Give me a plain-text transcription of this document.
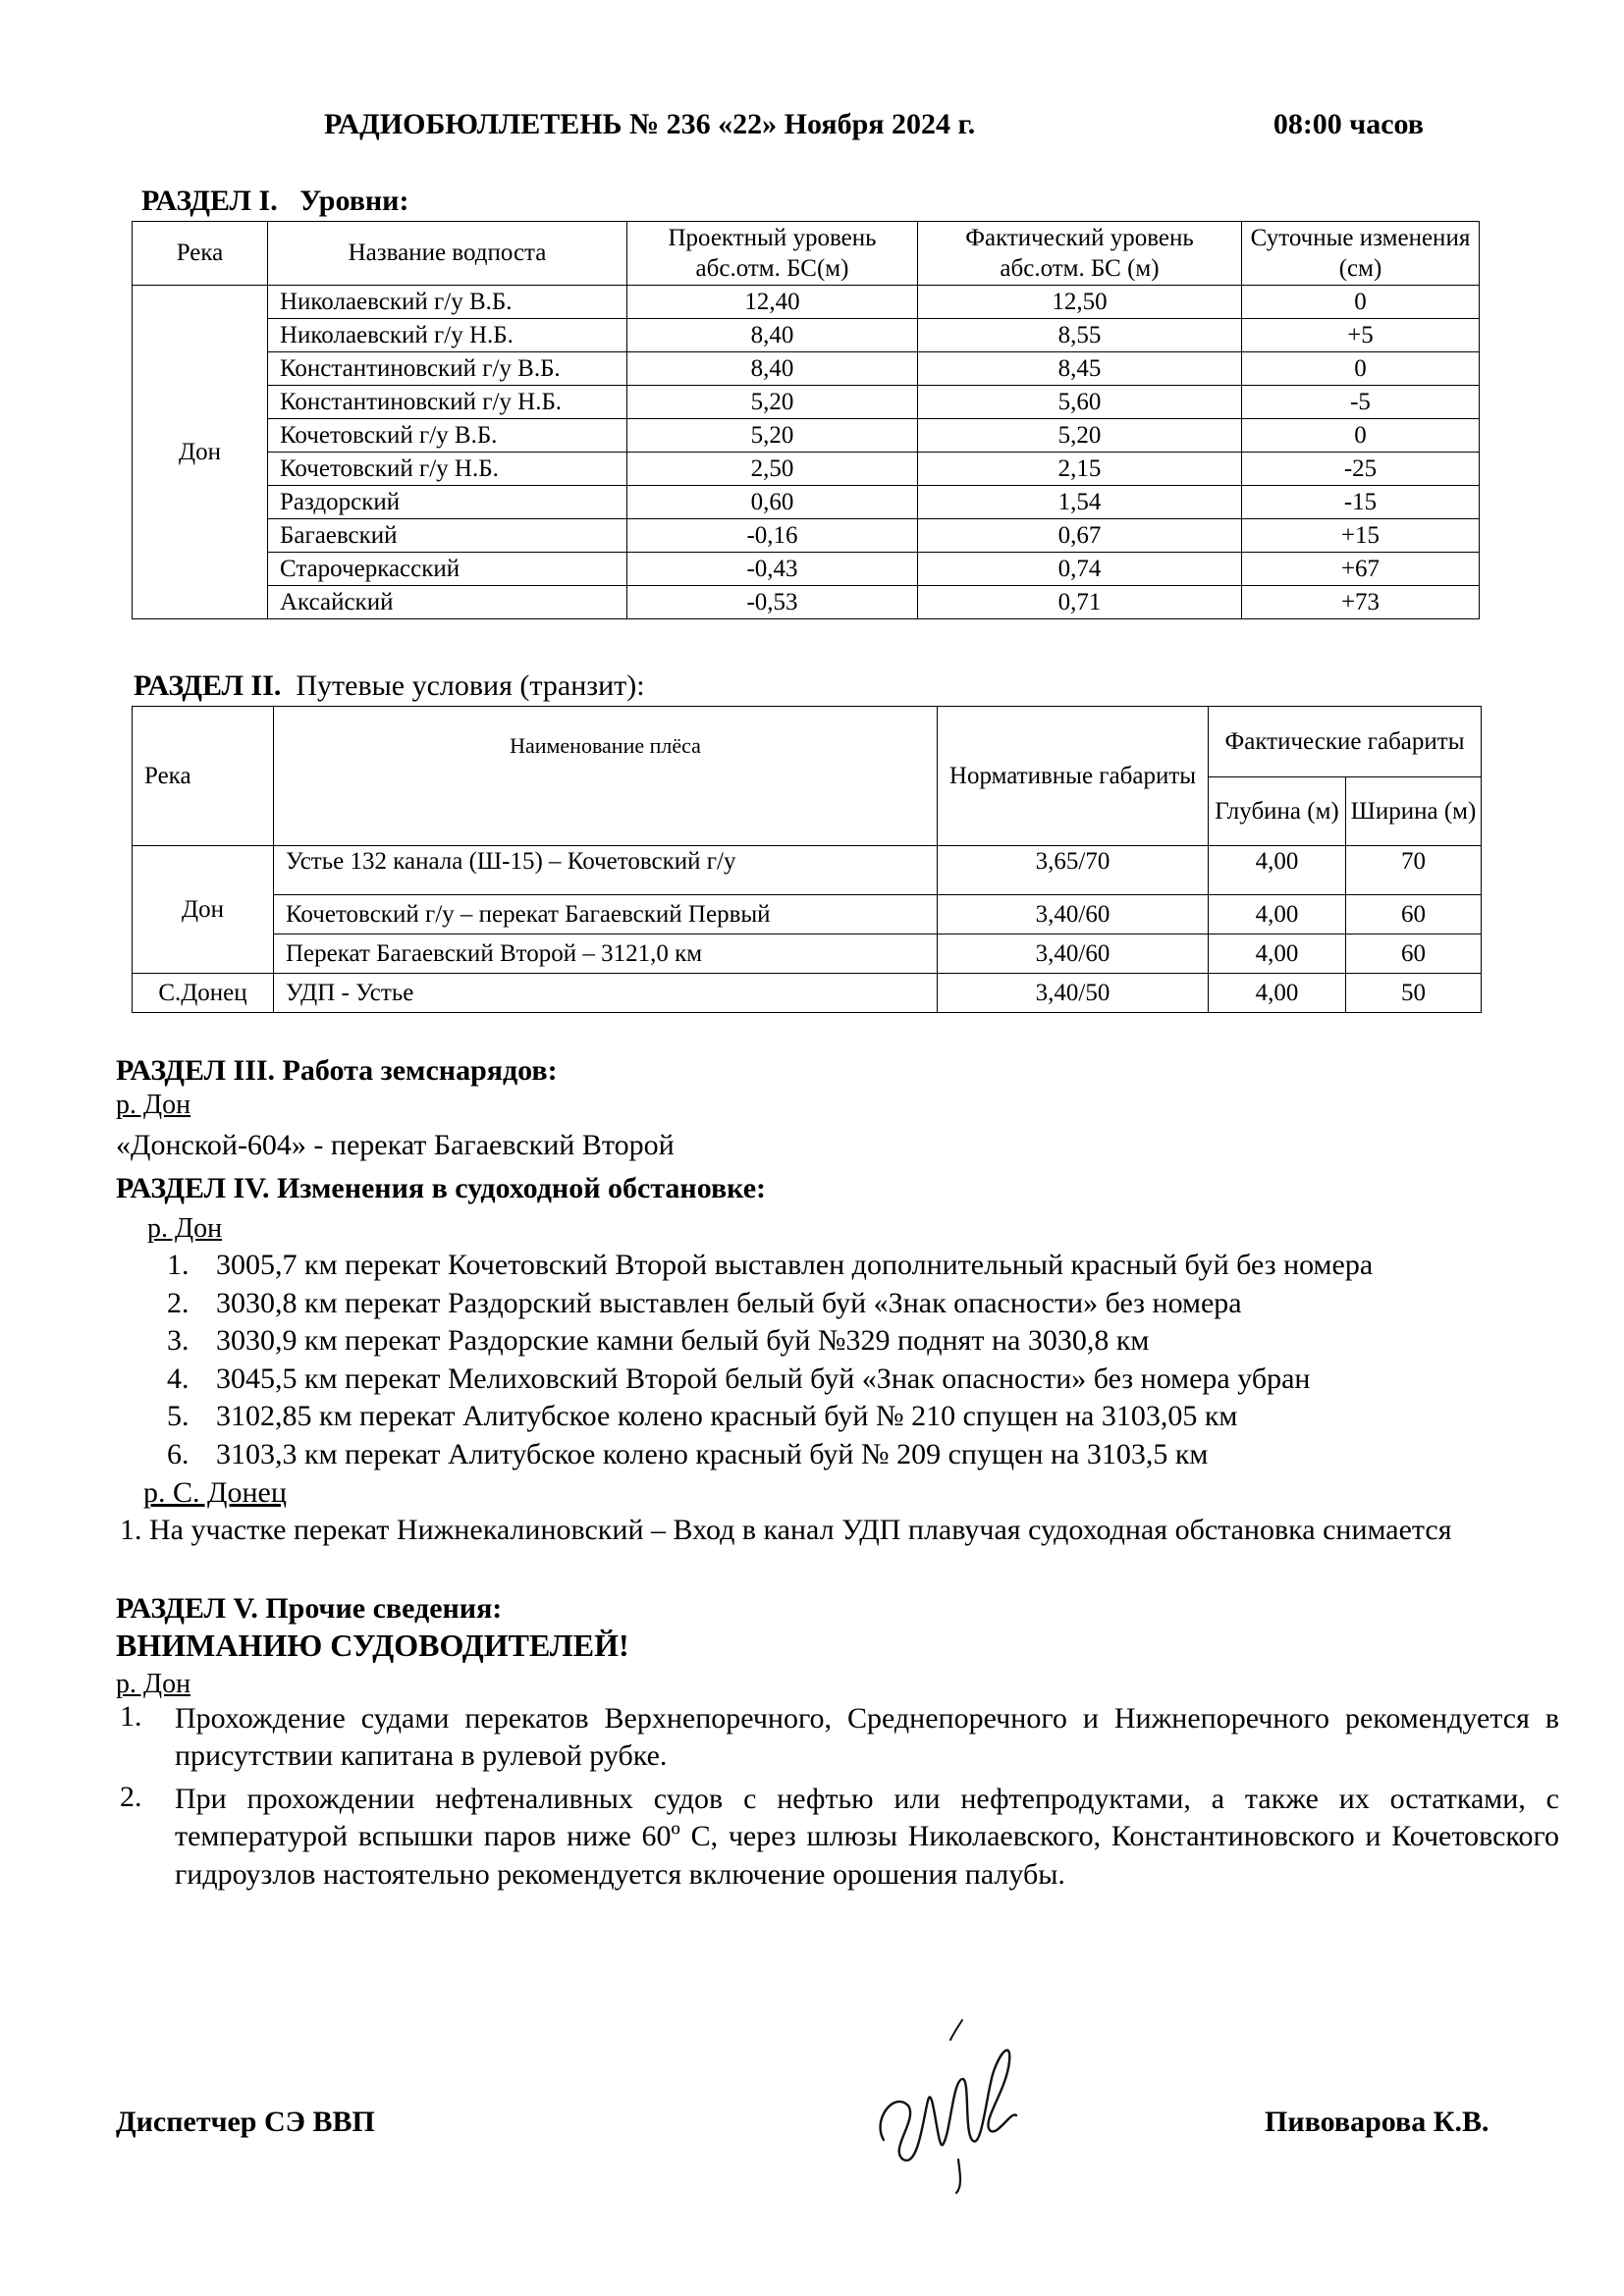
РАДИОБЮЛЛЕТЕНЬ № 236 «22» Ноября 2024 г.	08:00 часов
РАЗДЕЛ I. Уровни:
Река	Название водпоста	Проектный уровень абс.отм. БС(м)	Фактический уровень абс.отм. БС (м)	Суточные изменения (см)
Дон	Николаевский г/у В.Б.	12,40	12,50	0
	Николаевский г/у Н.Б.	8,40	8,55	+5
	Константиновский г/у В.Б.	8,40	8,45	0
	Константиновский г/у Н.Б.	5,20	5,60	-5
	Кочетовский г/у В.Б.	5,20	5,20	0
	Кочетовский г/у Н.Б.	2,50	2,15	-25
	Раздорский	0,60	1,54	-15
	Багаевский	-0,16	0,67	+15
	Старочеркасский	-0,43	0,74	+67
	Аксайский	-0,53	0,71	+73
РАЗДЕЛ II. Путевые условия (транзит):
Река	Наименование плёса	Нормативные габариты	Фактические габариты	
			Глубина (м)	Ширина (м)
Дон	Устье 132 канала (Ш-15) – Кочетовский г/у	3,65/70	4,00	70
	Кочетовский г/у – перекат Багаевский Первый	3,40/60	4,00	60
	Перекат Багаевский Второй – 3121,0 км	3,40/60	4,00	60
С.Донец	УДП - Устье	3,40/50	4,00	50
РАЗДЕЛ III. Работа земснарядов:
р. Дон
«Донской-604» - перекат Багаевский Второй
РАЗДЕЛ IV. Изменения в судоходной обстановке:
р. Дон
1. 3005,7 км перекат Кочетовский Второй выставлен дополнительный красный буй без номера
2. 3030,8 км перекат Раздорский выставлен белый буй «Знак опасности» без номера
3. 3030,9 км перекат Раздорские камни белый буй №329 поднят на 3030,8 км
4. 3045,5 км перекат Мелиховский Второй белый буй «Знак опасности» без номера убран
5. 3102,85 км перекат Алитубское колено красный буй № 210 спущен на 3103,05 км
6. 3103,3 км перекат Алитубское колено красный буй № 209 спущен на 3103,5 км
р. С. Донец
1. На участке перекат Нижнекалиновский – Вход в канал УДП плавучая судоходная обстановка снимается
РАЗДЕЛ V. Прочие сведения:
ВНИМАНИЮ СУДОВОДИТЕЛЕЙ!
р. Дон
1. Прохождение судами перекатов Верхнепоречного, Среднепоречного и Нижнепоречного рекомендуется в присутствии капитана в рулевой рубке.
2. При прохождении нефтеналивных судов с нефтью или нефтепродуктами, а также их остатками, с температурой вспышки паров ниже 60º С, через шлюзы Николаевского, Константиновского и Кочетовского гидроузлов настоятельно рекомендуется включение орошения палубы.
Диспетчер СЭ ВВП	Пивоварова К.В.
